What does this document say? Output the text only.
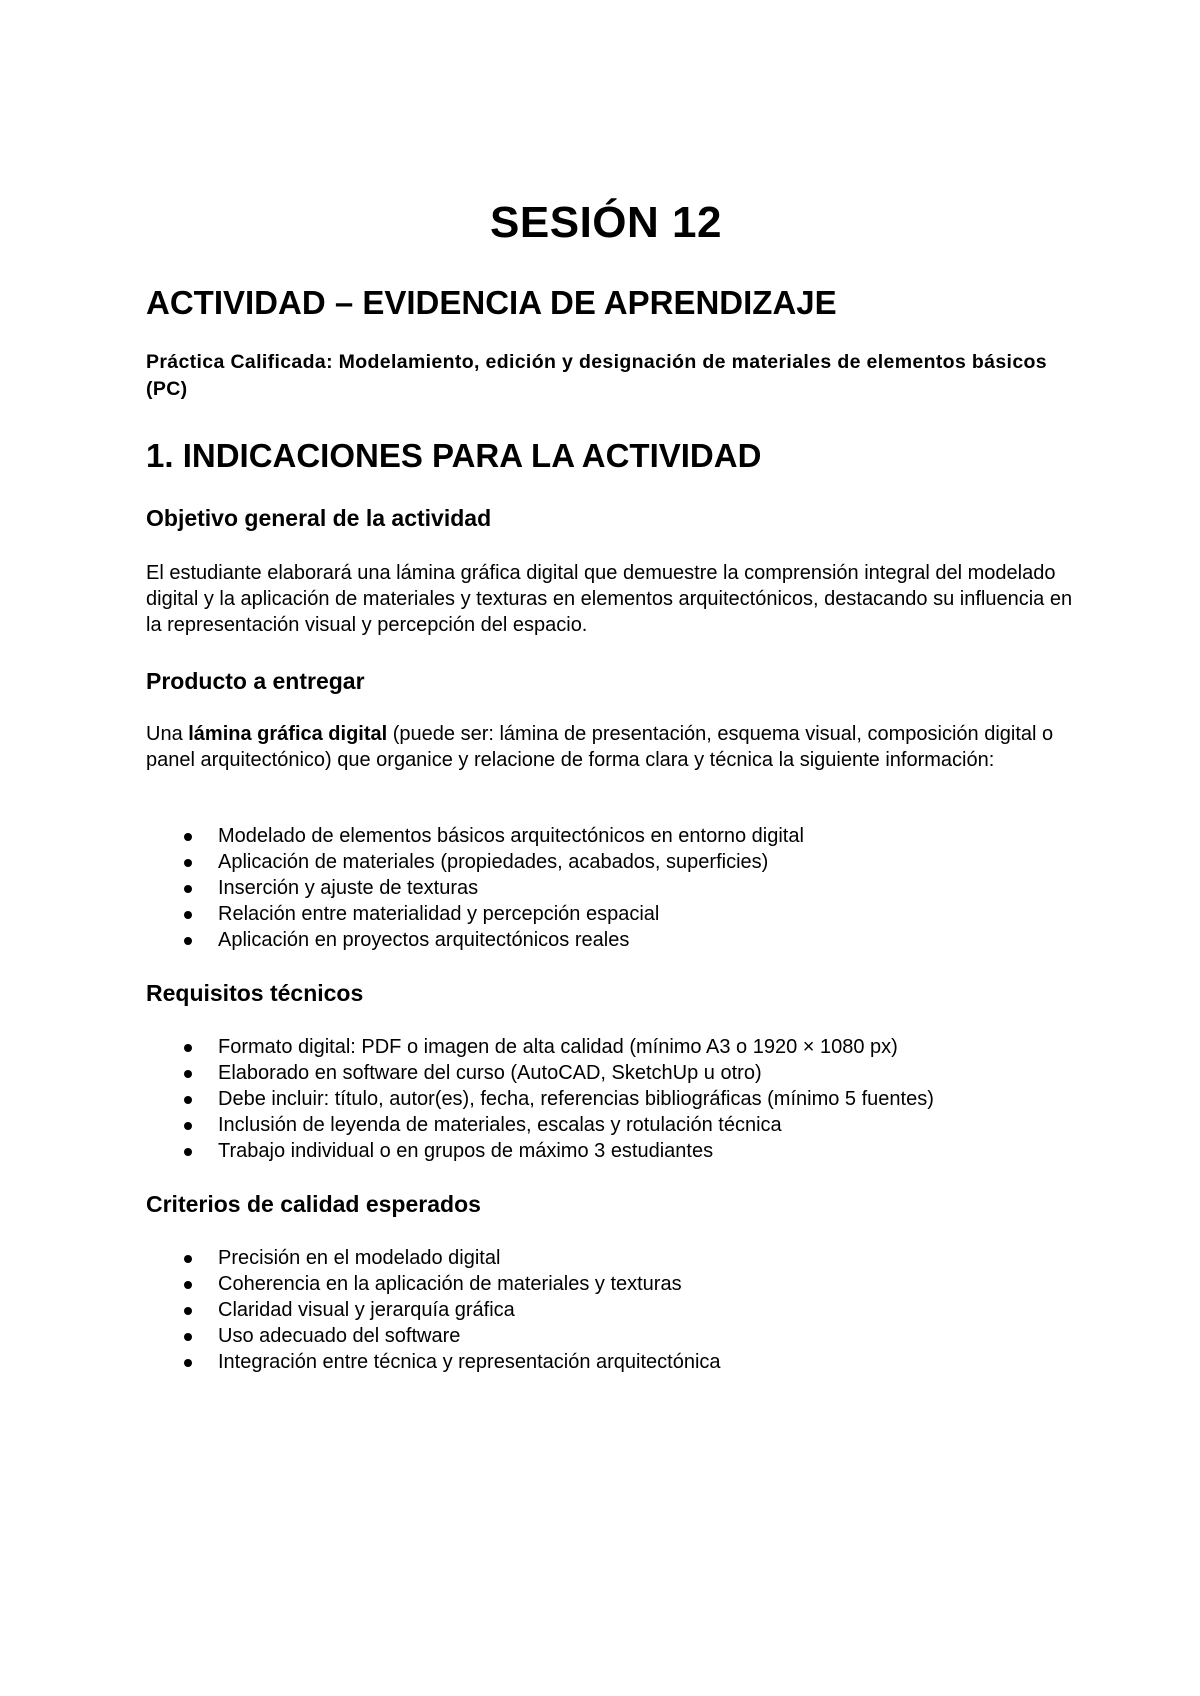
SESIÓN 12
ACTIVIDAD – EVIDENCIA DE APRENDIZAJE

Práctica Calificada: Modelamiento, edición y designación de materiales de elementos básicos (PC)

1. INDICACIONES PARA LA ACTIVIDAD
Objetivo general de la actividad

El estudiante elaborará una lámina gráfica digital que demuestre la comprensión integral del modelado digital y la aplicación de materiales y texturas en elementos arquitectónicos, destacando su influencia en la representación visual y percepción del espacio.

Producto a entregar

Una lámina gráfica digital (puede ser: lámina de presentación, esquema visual, composición digital o panel arquitectónico) que organice y relacione de forma clara y técnica la siguiente información:

Modelado de elementos básicos arquitectónicos en entorno digital
Aplicación de materiales (propiedades, acabados, superficies)
Inserción y ajuste de texturas
Relación entre materialidad y percepción espacial
Aplicación en proyectos arquitectónicos reales
Requisitos técnicos
Formato digital: PDF o imagen de alta calidad (mínimo A3 o 1920 × 1080 px)
Elaborado en software del curso (AutoCAD, SketchUp u otro)
Debe incluir: título, autor(es), fecha, referencias bibliográficas (mínimo 5 fuentes)
Inclusión de leyenda de materiales, escalas y rotulación técnica
Trabajo individual o en grupos de máximo 3 estudiantes
Criterios de calidad esperados
Precisión en el modelado digital
Coherencia en la aplicación de materiales y texturas
Claridad visual y jerarquía gráfica
Uso adecuado del software
Integración entre técnica y representación arquitectónica
